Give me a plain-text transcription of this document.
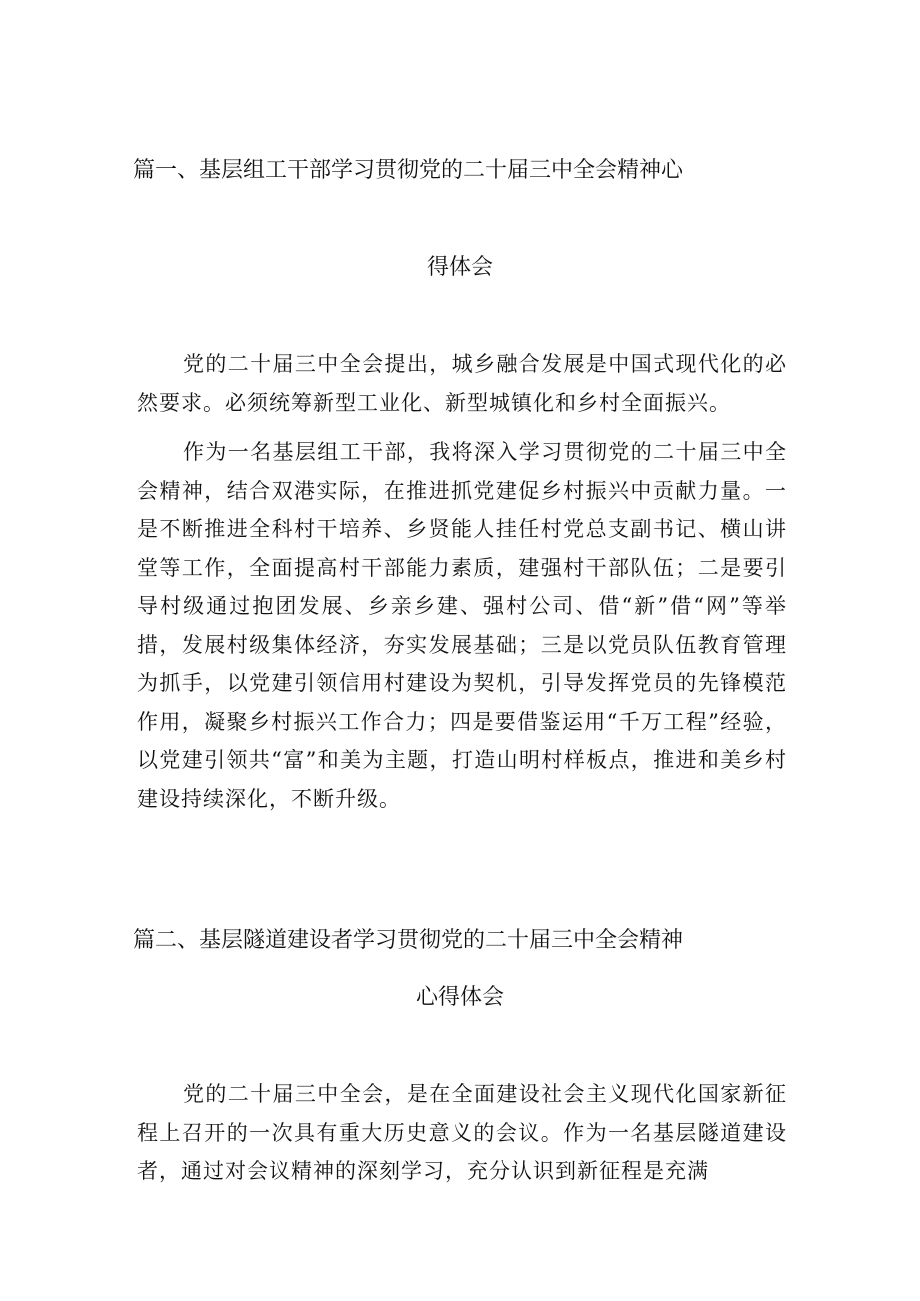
篇一、基层组工干部学习贯彻党的二十届三中全会精神心
得体会
党的二十届三中全会提出，城乡融合发展是中国式现代化的必然要求。必须统筹新型工业化、新型城镇化和乡村全面振兴。
作为一名基层组工干部，我将深入学习贯彻党的二十届三中全会精神，结合双港实际，在推进抓党建促乡村振兴中贡献力量。一是不断推进全科村干培养、乡贤能人挂任村党总支副书记、横山讲堂等工作，全面提高村干部能力素质，建强村干部队伍；二是要引导村级通过抱团发展、乡亲乡建、强村公司、借“新”借“网”等举措，发展村级集体经济，夯实发展基础；三是以党员队伍教育管理为抓手，以党建引领信用村建设为契机，引导发挥党员的先锋模范作用，凝聚乡村振兴工作合力；四是要借鉴运用“千万工程”经验，以党建引领共“富”和美为主题，打造山明村样板点，推进和美乡村建设持续深化，不断升级。
篇二、基层隧道建设者学习贯彻党的二十届三中全会精神
心得体会
党的二十届三中全会，是在全面建设社会主义现代化国家新征程上召开的一次具有重大历史意义的会议。作为一名基层隧道建设者，通过对会议精神的深刻学习，充分认识到新征程是充满
